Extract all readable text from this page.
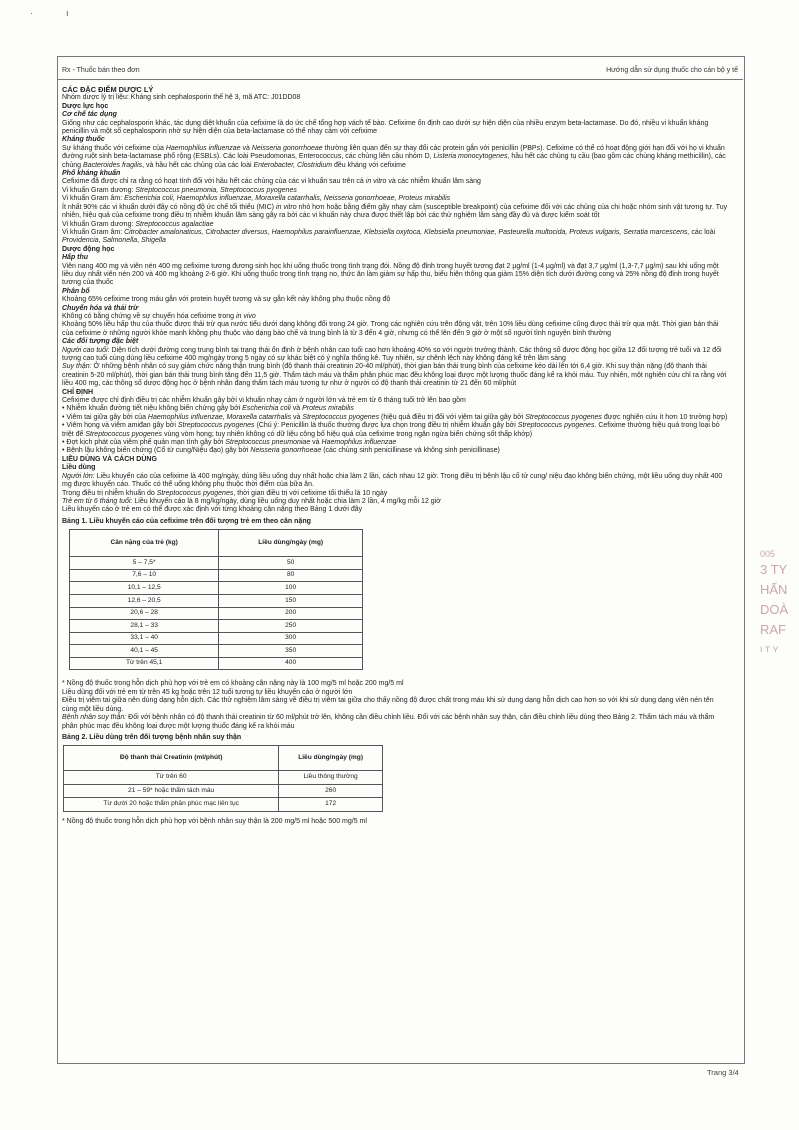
·	ı
Rx - Thuốc bán theo đơn	Hướng dẫn sử dụng thuốc cho cán bộ y tế

CÁC ĐẶC ĐIỂM DƯỢC LÝ

Nhóm dược lý trị liệu: Kháng sinh cephalosporin thế hệ 3, mã ATC: J01DD08

Dược lực học

Cơ chế tác dụng

Giống như các cephalosporin khác, tác dụng diệt khuẩn của cefixime là do ức chế tổng hợp vách tế bào. Cefixime ổn định cao dưới sự hiện diện của nhiều enzym beta-lactamase. Do đó, nhiều vi khuẩn kháng penicillin và một số cephalosporin nhờ sự hiện diện của beta-lactamase có thể nhạy cảm với cefixime

Kháng thuốc

Sự kháng thuốc với cefixime của Haemophilus influenzae và Neisseria gonorrhoeae thường liên quan đến sự thay đổi các protein gắn với penicillin (PBPs). Cefixime có thể có hoạt động giới hạn đối với họ vi khuẩn đường ruột sinh beta-lactamase phổ rộng (ESBLs). Các loài Pseudomonas, Enterococcus, các chủng liên cầu nhóm D, Listeria monocytogenes, hầu hết các chủng tụ cầu (bao gồm các chủng kháng methicillin), các chủng Bacteroides fragilis, và hầu hết các chủng của các loài Enterobacter, Clostridium đều kháng với cefixime

Phổ kháng khuẩn

Cefixime đã được chỉ ra rằng có hoạt tính đối với hầu hết các chủng của các vi khuẩn sau trên cả in vitro và các nhiễm khuẩn lâm sàng

Vi khuẩn Gram dương: Streptococcus pneumonia, Streptococcus pyogenes

Vi khuẩn Gram âm: Escherichia coli, Haemophilus influenzae, Moraxella catarrhalis, Neisseria gonorrhoeae, Proteus mirabilis

Ít nhất 90% các vi khuẩn dưới đây có nồng độ ức chế tối thiểu (MIC) in vitro nhỏ hơn hoặc bằng điểm gãy nhạy cảm (susceptible breakpoint) của cefixime đối với các chủng của chi hoặc nhóm sinh vật tương tự. Tuy nhiên, hiệu quả của cefixime trong điều trị nhiễm khuẩn lâm sàng gây ra bởi các vi khuẩn này chưa được thiết lập bởi các thử nghiệm lâm sàng đầy đủ và được kiểm soát tốt

Vi khuẩn Gram dương: Streptococcus agalactiae

Vi khuẩn Gram âm: Citrobacter amalonaticus, Citrobacter diversus, Haemophilus parainfluenzae, Klebsiella oxytoca, Klebsiella pneumoniae, Pasteurella multocida, Proteus vulgaris, Serratia marcescens, các loài Providencia, Salmonella, Shigella

Dược động học

Hấp thu

Viên nang 400 mg và viên nén 400 mg cefixime tương đương sinh học khi uống thuốc trong tình trạng đói. Nồng độ đỉnh trong huyết tương đạt 2 µg/ml (1-4 µg/ml) và đạt 3,7 µg/ml (1,3-7,7 µg/m) sau khi uống một liều duy nhất viên nén 200 và 400 mg khoảng 2-6 giờ. Khi uống thuốc trong tình trạng no, thức ăn làm giảm sự hấp thu, biểu hiện thông qua giảm 15% diện tích dưới đường cong và 25% nồng độ đỉnh trong huyết tương của thuốc

Phân bố

Khoảng 65% cefixime trong máu gắn với protein huyết tương và sự gắn kết này không phụ thuộc nồng độ

Chuyển hóa và thải trừ

Không có bằng chứng về sự chuyển hóa cefixime trong in vivo

Khoảng 50% liều hấp thu của thuốc được thải trừ qua nước tiểu dưới dạng không đổi trong 24 giờ. Trong các nghiên cứu trên động vật, trên 10% liều dùng cefixime cũng được thải trừ qua mật. Thời gian bán thải của cefixime ở những người khỏe mạnh không phụ thuộc vào dạng bào chế và trung bình là từ 3 đến 4 giờ, nhưng có thể lên đến 9 giờ ở một số người tình nguyện bình thường

Các đối tượng đặc biệt

Người cao tuổi: Diện tích dưới đường cong trung bình tại trạng thái ổn định ở bệnh nhân cao tuổi cao hơn khoảng 40% so với người trưởng thành. Các thông số được động học giữa 12 đối tượng trẻ tuổi và 12 đối tượng cao tuổi cùng dùng liều cefixime 400 mg/ngày trong 5 ngày có sự khác biệt có ý nghĩa thống kê. Tuy nhiên, sự chênh lệch này không đáng kể trên lâm sàng

Suy thận: Ở những bệnh nhân có suy giảm chức năng thận trung bình (độ thanh thải creatinin 20-40 ml/phút), thời gian bán thải trung bình của cefixime kéo dài lên tới 6,4 giờ. Khi suy thận nặng (độ thanh thải creatinin 5-20 ml/phút), thời gian bán thải trung bình tăng đến 11,5 giờ. Thẩm tách máu và thẩm phân phúc mạc đều không loại được một lượng thuốc đáng kể ra khỏi máu. Tuy nhiên, một nghiên cứu chỉ ra rằng với liều 400 mg, các thông số dược động học ở bệnh nhân đang thẩm tách máu tương tự như ở người có độ thanh thải creatinin từ 21 đến 60 ml/phút

CHỈ ĐỊNH

Cefixime được chỉ định điều trị các nhiễm khuẩn gây bởi vi khuẩn nhạy cảm ở người lớn và trẻ em từ 6 tháng tuổi trở lên bao gồm

• Nhiễm khuẩn đường tiết niệu không biến chứng gây bởi Escherichia coli và Proteus mirabilis

• Viêm tai giữa gây bởi của Haemophilus influenzae, Moraxella catarrhalis và Streptococcus pyogenes (hiệu quả điều trị đối với viêm tai giữa gây bởi Streptococcus pyogenes được nghiên cứu ít hơn 10 trường hợp)

• Viêm họng và viêm amiđan gây bởi Streptococcus pyogenes (Chú ý: Penicillin là thuốc thường được lựa chọn trong điều trị nhiễm khuẩn gây bởi Streptococcus pyogenes. Cefixime thường hiệu quả trong loại bỏ triệt để Streptococcus pyogenes vùng vòm họng; tuy nhiên không có dữ liệu công bố hiệu quả của cefixime trong ngăn ngừa biến chứng sốt thấp khớp)

• Đợt kịch phát của viêm phế quản mạn tính gây bởi Streptococcus pneumoniae và Haemophilus influenzae

• Bệnh lậu không biến chứng (Cổ tử cung/Niệu đạo) gây bởi Neisseria gonorrhoeae (các chủng sinh penicillinase và không sinh penicillinase)

LIỀU DÙNG VÀ CÁCH DÙNG

Liều dùng

Người lớn: Liều khuyến cáo của cefixime là 400 mg/ngày, dùng liều uống duy nhất hoặc chia làm 2 lần, cách nhau 12 giờ. Trong điều trị bệnh lậu cổ tử cung/ niệu đạo không biến chứng, một liều uống duy nhất 400 mg được khuyến cáo. Thuốc có thể uống không phụ thuộc thời điểm của bữa ăn.

Trong điều trị nhiễm khuẩn do Streptococcus pyogenes, thời gian điều trị với cefixime tối thiểu là 10 ngày

Trẻ em từ 6 tháng tuổi: Liều khuyến cáo là 8 mg/kg/ngày, dùng liều uống duy nhất hoặc chia làm 2 lần, 4 mg/kg mỗi 12 giờ

Liều khuyến cáo ở trẻ em có thể được xác định với từng khoảng cân nặng theo Bảng 1 dưới đây

Bảng 1. Liều khuyến cáo của cefixime trên đối tượng trẻ em theo cân nặng

Cân nặng của trẻ (kg)	Liều dùng/ngày (mg)
5 – 7,5*	50
7,6 – 10	80
10,1 – 12,5	100
12,6 – 20,5	150
20,6 – 28	200
28,1 – 33	250
33,1 – 40	300
40,1 – 45	350
Từ trên 45,1	400

* Nồng độ thuốc trong hỗn dịch phù hợp với trẻ em có khoảng cân nặng này là 100 mg/5 ml hoặc 200 mg/5 ml

Liều dùng đối với trẻ em từ trên 45 kg hoặc trên 12 tuổi tương tự liều khuyến cáo ở người lớn

Điều trị viêm tai giữa nên dùng dạng hỗn dịch. Các thử nghiệm lâm sàng về điều trị viêm tai giữa cho thấy nồng độ được chất trong máu khi sử dụng dạng hỗn dịch cao hơn so với khi sử dụng dạng viên nén tên cùng một liều dùng.

Bệnh nhân suy thận: Đối với bệnh nhân có độ thanh thải creatinin từ 60 ml/phút trở lên, không cần điều chỉnh liều. Đối với các bệnh nhân suy thận, cần điều chỉnh liều dùng theo Bảng 2. Thẩm tách máu và thẩm phân phúc mạc đều không loại được một lượng thuốc đáng kể ra khỏi máu

Bảng 2. Liều dùng trên đối tượng bệnh nhân suy thận

Độ thanh thải Creatinin (ml/phút)	Liều dùng/ngày (mg)
Từ trên 60	Liều thông thường
21 – 59* hoặc thẩm tách máu	260
Từ dưới 20 hoặc thẩm phân phúc mạc liên tục	172

* Nồng độ thuốc trong hỗn dịch phù hợp với bệnh nhân suy thận là 200 mg/5 ml hoặc 500 mg/5 ml

Trang 3/4
005
3 TY
HẤN
DOÀ
RAF
I T Y
